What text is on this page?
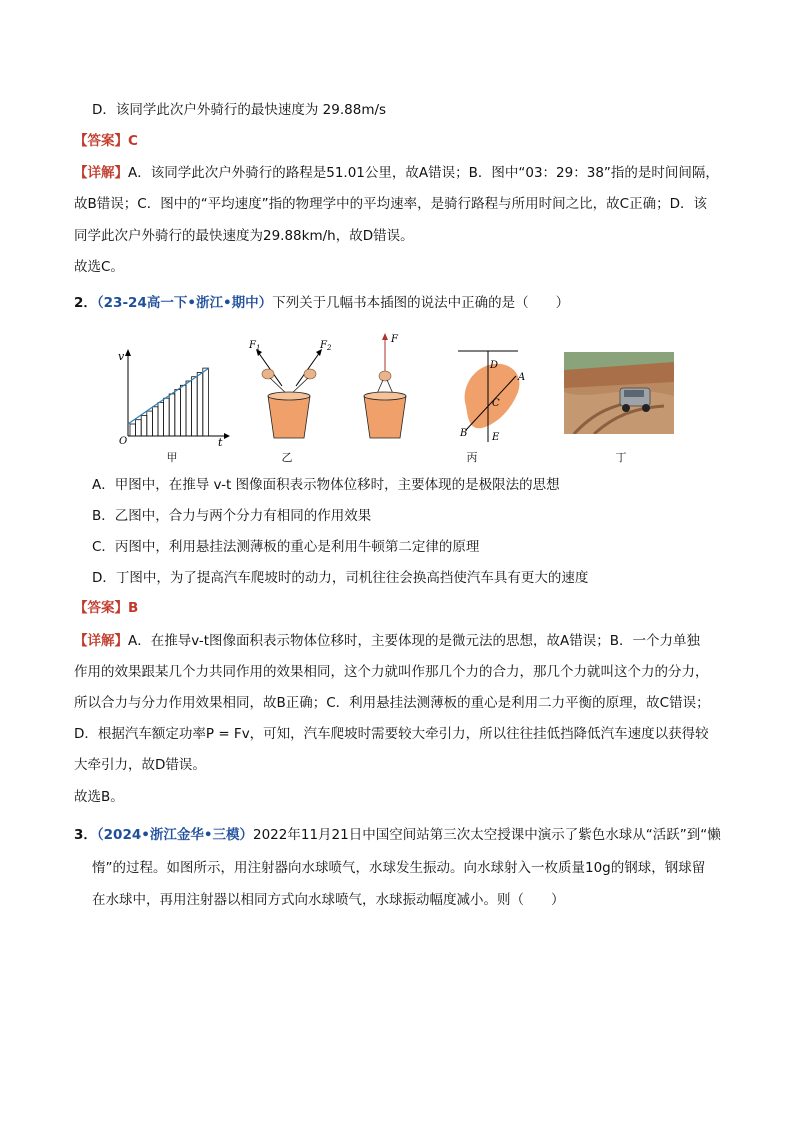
D．该同学此次户外骑行的最快速度为 29.88m/s
【答案】C
【详解】A．该同学此次户外骑行的路程是51.01公里，故A错误；B．图中“03：29：38”指的是时间间隔，
故B错误；C．图中的“平均速度”指的物理学中的平均速率，是骑行路程与所用时间之比，故C正确；D．该
同学此次户外骑行的最快速度为29.88km/h，故D错误。
故选C。
2．（23-24高一下•浙江•期中）下列关于几幅书本插图的说法中正确的是（　　）
v
t
O
甲
$F_1$	$F_2$
乙
F
D
A
C
B E
丙	丁
A．甲图中，在推导 v-t 图像面积表示物体位移时，主要体现的是极限法的思想
B．乙图中，合力与两个分力有相同的作用效果
C．丙图中，利用悬挂法测薄板的重心是利用牛顿第二定律的原理
D．丁图中，为了提高汽车爬坡时的动力，司机往往会换高挡使汽车具有更大的速度
【答案】B
【详解】A．在推导v-t图像面积表示物体位移时，主要体现的是微元法的思想，故A错误；B．一个力单独
作用的效果跟某几个力共同作用的效果相同，这个力就叫作那几个力的合力，那几个力就叫这个力的分力，
所以合力与分力作用效果相同，故B正确；C．利用悬挂法测薄板的重心是利用二力平衡的原理，故C错误；
D．根据汽车额定功率P = Fv，可知，汽车爬坡时需要较大牵引力，所以往往挂低挡降低汽车速度以获得较
大牵引力，故D错误。
故选B。
3．（2024•浙江金华•三模）2022年11月21日中国空间站第三次太空授课中演示了紫色水球从“活跃”到“懒
惰”的过程。如图所示，用注射器向水球喷气，水球发生振动。向水球射入一枚质量10g的钢球，钢球留
在水球中，再用注射器以相同方式向水球喷气，水球振动幅度减小。则（　　）
